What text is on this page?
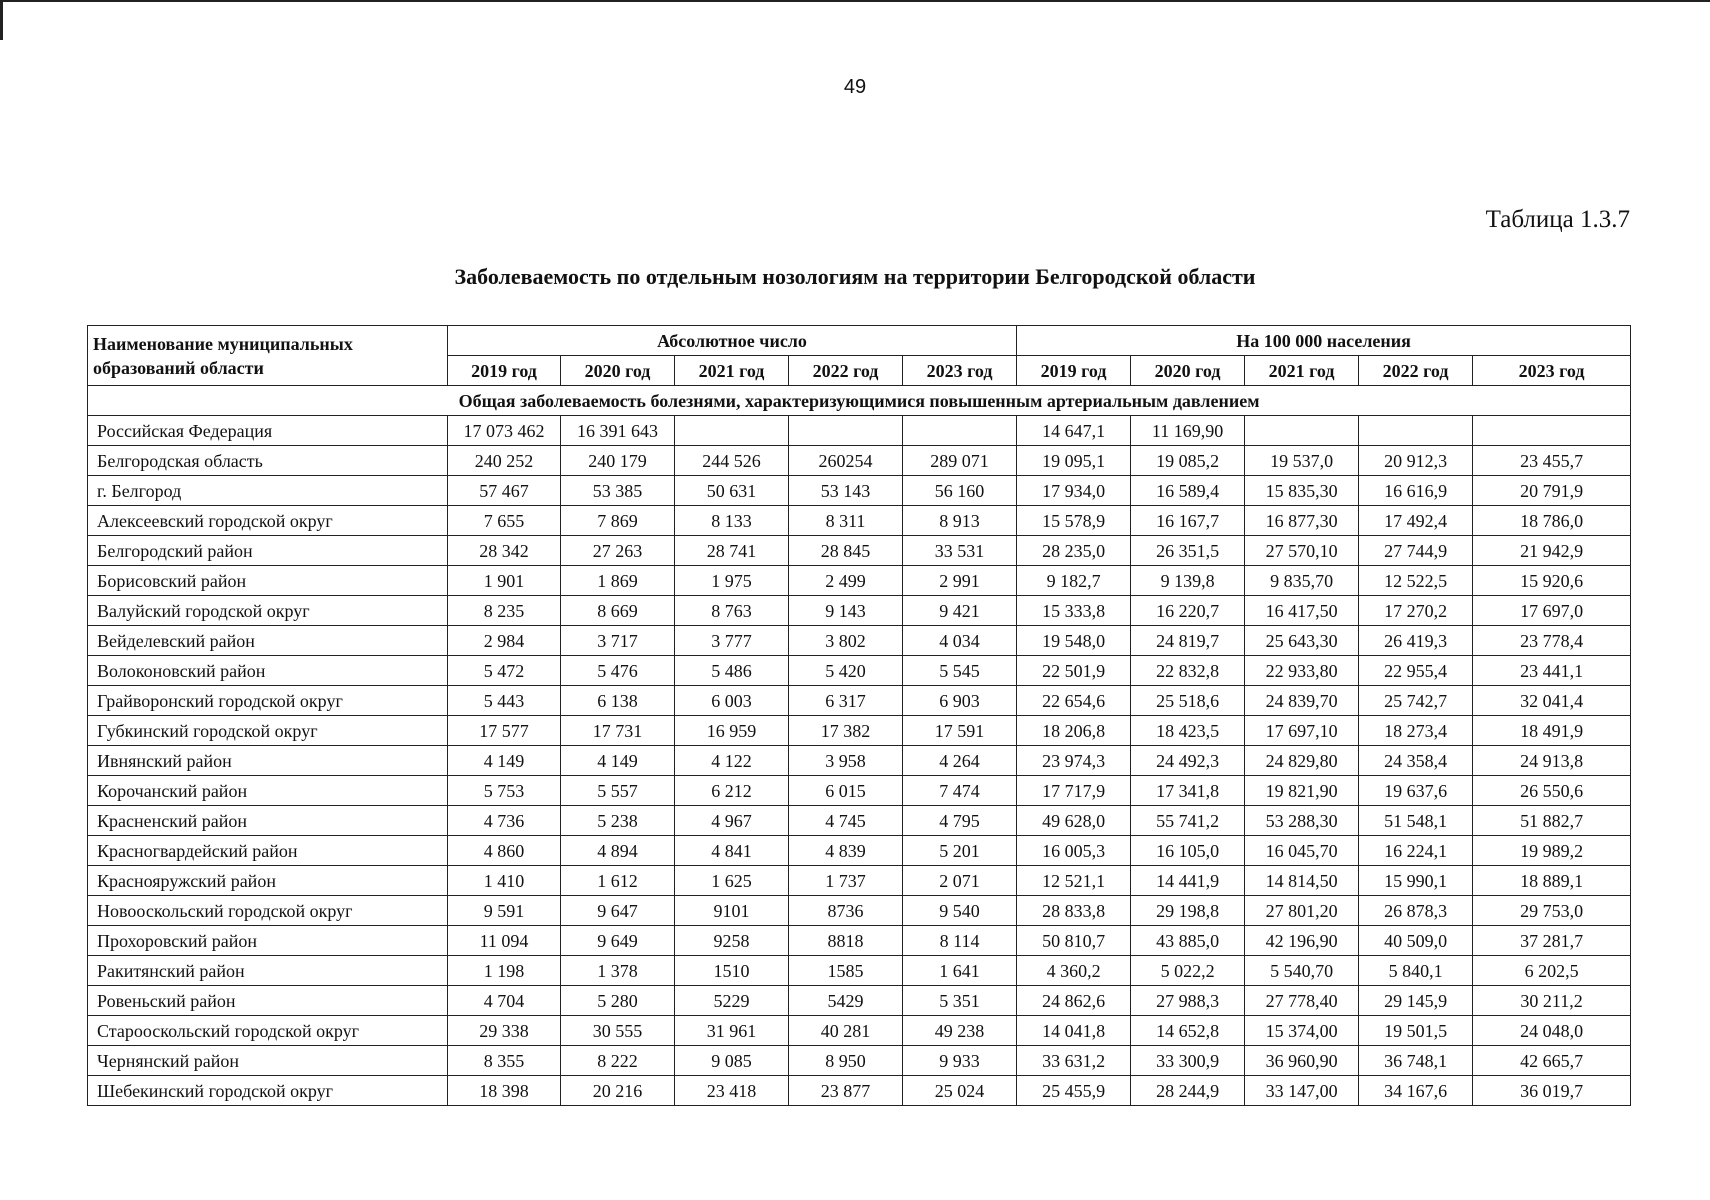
49
Таблица 1.3.7
Заболеваемость по отдельным нозологиям на территории Белгородской области
Наименование муниципальных образований области	Абсолютное число					На 100 000 населения				
	2019 год	2020 год	2021 год	2022 год	2023 год	2019 год	2020 год	2021 год	2022 год	2023 год
Общая заболеваемость болезнями, характеризующимися повышенным артериальным давлением										
Российская Федерация	17 073 462	16 391 643				14 647,1	11 169,90			
Белгородская область	240 252	240 179	244 526	260254	289 071	19 095,1	19 085,2	19 537,0	20 912,3	23 455,7
г. Белгород	57 467	53 385	50 631	53 143	56 160	17 934,0	16 589,4	15 835,30	16 616,9	20 791,9
Алексеевский городской округ	7 655	7 869	8 133	8 311	8 913	15 578,9	16 167,7	16 877,30	17 492,4	18 786,0
Белгородский район	28 342	27 263	28 741	28 845	33 531	28 235,0	26 351,5	27 570,10	27 744,9	21 942,9
Борисовский район	1 901	1 869	1 975	2 499	2 991	9 182,7	9 139,8	9 835,70	12 522,5	15 920,6
Валуйский городской округ	8 235	8 669	8 763	9 143	9 421	15 333,8	16 220,7	16 417,50	17 270,2	17 697,0
Вейделевский район	2 984	3 717	3 777	3 802	4 034	19 548,0	24 819,7	25 643,30	26 419,3	23 778,4
Волоконовский район	5 472	5 476	5 486	5 420	5 545	22 501,9	22 832,8	22 933,80	22 955,4	23 441,1
Грайворонский городской округ	5 443	6 138	6 003	6 317	6 903	22 654,6	25 518,6	24 839,70	25 742,7	32 041,4
Губкинский городской округ	17 577	17 731	16 959	17 382	17 591	18 206,8	18 423,5	17 697,10	18 273,4	18 491,9
Ивнянский район	4 149	4 149	4 122	3 958	4 264	23 974,3	24 492,3	24 829,80	24 358,4	24 913,8
Корочанский район	5 753	5 557	6 212	6 015	7 474	17 717,9	17 341,8	19 821,90	19 637,6	26 550,6
Красненский район	4 736	5 238	4 967	4 745	4 795	49 628,0	55 741,2	53 288,30	51 548,1	51 882,7
Красногвардейский район	4 860	4 894	4 841	4 839	5 201	16 005,3	16 105,0	16 045,70	16 224,1	19 989,2
Краснояружский район	1 410	1 612	1 625	1 737	2 071	12 521,1	14 441,9	14 814,50	15 990,1	18 889,1
Новооскольский городской округ	9 591	9 647	9101	8736	9 540	28 833,8	29 198,8	27 801,20	26 878,3	29 753,0
Прохоровский район	11 094	9 649	9258	8818	8 114	50 810,7	43 885,0	42 196,90	40 509,0	37 281,7
Ракитянский район	1 198	1 378	1510	1585	1 641	4 360,2	5 022,2	5 540,70	5 840,1	6 202,5
Ровеньский район	4 704	5 280	5229	5429	5 351	24 862,6	27 988,3	27 778,40	29 145,9	30 211,2
Старооскольский городской округ	29 338	30 555	31 961	40 281	49 238	14 041,8	14 652,8	15 374,00	19 501,5	24 048,0
Чернянский район	8 355	8 222	9 085	8 950	9 933	33 631,2	33 300,9	36 960,90	36 748,1	42 665,7
Шебекинский городской округ	18 398	20 216	23 418	23 877	25 024	25 455,9	28 244,9	33 147,00	34 167,6	36 019,7
